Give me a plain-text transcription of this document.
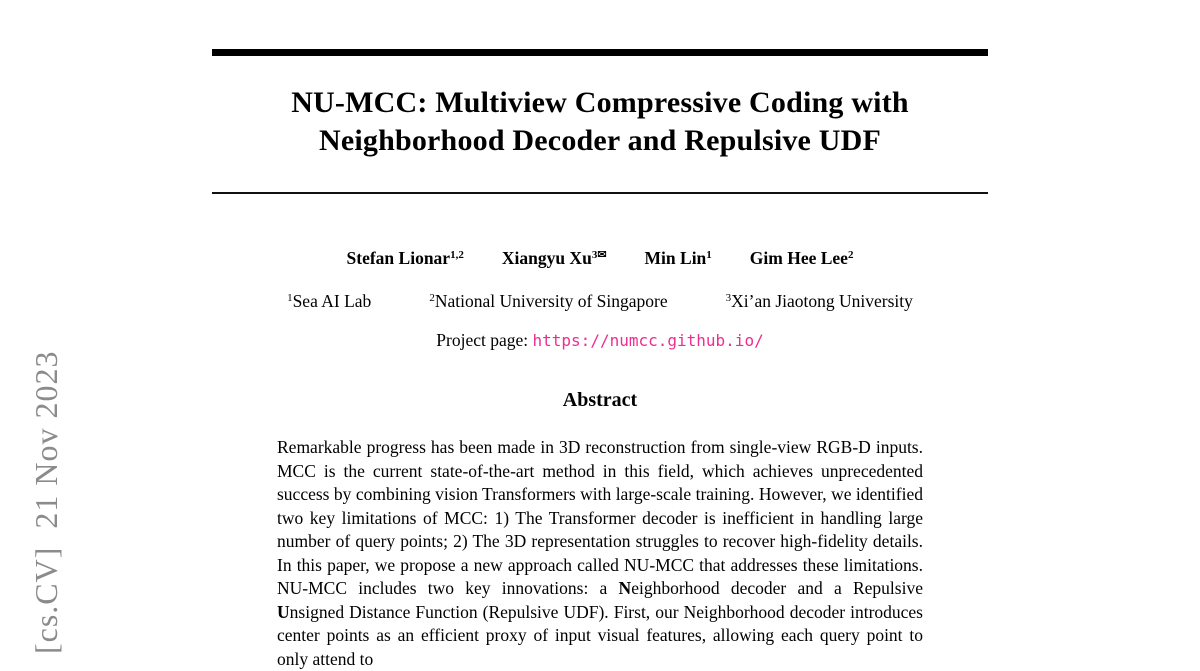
[cs.CV]  21 Nov 2023
NU-MCC: Multiview Compressive Coding with
Neighborhood Decoder and Repulsive UDF
Stefan Lionar$^{1,2}$ Xiangyu Xu$^{3✉}$ Min Lin$^1$ Gim Hee Lee$^2$
$^1$Sea AI Lab	$^2$National University of Singapore	$^3$Xi’an Jiaotong University
Project page: https://numcc.github.io/
Abstract
Remarkable progress has been made in 3D reconstruction from single-view RGB-D inputs. MCC is the current state-of-the-art method in this field, which achieves unprecedented success by combining vision Transformers with large-scale training. However, we identified two key limitations of MCC: 1) The Transformer decoder is inefficient in handling large number of query points; 2) The 3D representation struggles to recover high-fidelity details. In this paper, we propose a new approach called NU-MCC that addresses these limitations. NU-MCC includes two key innovations: a Neighborhood decoder and a Repulsive Unsigned Distance Function (Repulsive UDF). First, our Neighborhood decoder introduces center points as an efficient proxy of input visual features, allowing each query point to only attend to
